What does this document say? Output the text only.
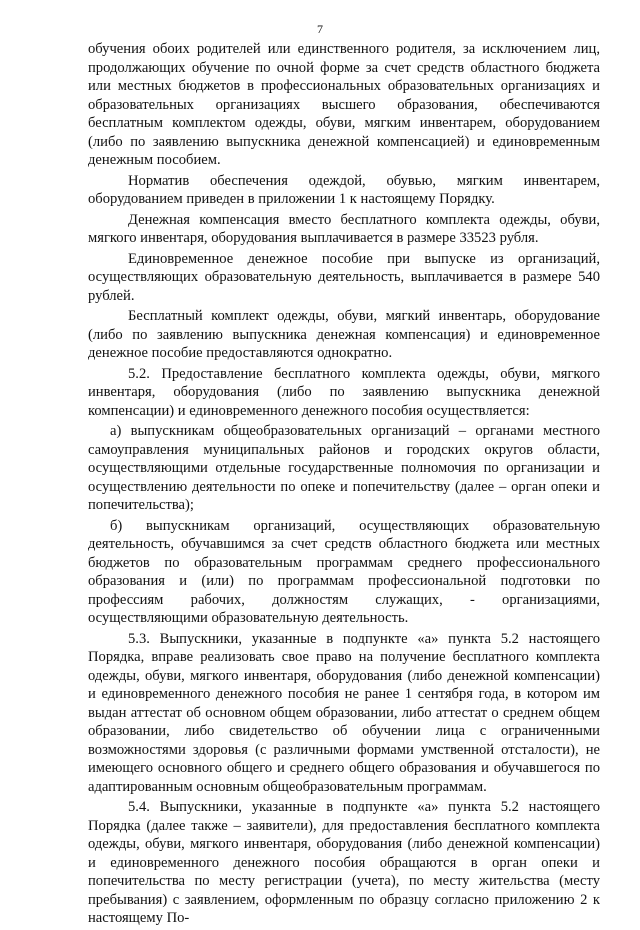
7

обучения обоих родителей или единственного родителя, за исключением лиц, продолжающих обучение по очной форме за счет средств областного бюджета или местных бюджетов в профессиональных образовательных организациях и образовательных организациях высшего образования, обеспечиваются бесплатным комплектом одежды, обуви, мягким инвентарем, оборудованием (либо по заявлению выпускника денежной компенсацией) и единовременным денежным пособием.

Норматив обеспечения одеждой, обувью, мягким инвентарем, оборудованием приведен в приложении 1 к настоящему Порядку.

Денежная компенсация вместо бесплатного комплекта одежды, обуви, мягкого инвентаря, оборудования выплачивается в размере 33523 рубля.

Единовременное денежное пособие при выпуске из организаций, осуществляющих образовательную деятельность, выплачивается в размере 540 рублей.

Бесплатный комплект одежды, обуви, мягкий инвентарь, оборудование (либо по заявлению выпускника денежная компенсация) и единовременное денежное пособие предоставляются однократно.

5.2. Предоставление бесплатного комплекта одежды, обуви, мягкого инвентаря, оборудования (либо по заявлению выпускника денежной компенсации) и единовременного денежного пособия осуществляется:

а) выпускникам общеобразовательных организаций – органами местного самоуправления муниципальных районов и городских округов области, осуществляющими отдельные государственные полномочия по организации и осуществлению деятельности по опеке и попечительству (далее – орган опеки и попечительства);

б) выпускникам организаций, осуществляющих образовательную деятельность, обучавшимся за счет средств областного бюджета или местных бюджетов по образовательным программам среднего профессионального образования и (или) по программам профессиональной подготовки по профессиям рабочих, должностям служащих, - организациями, осуществляющими образовательную деятельность.

5.3. Выпускники, указанные в подпункте «а» пункта 5.2 настоящего Порядка, вправе реализовать свое право на получение бесплатного комплекта одежды, обуви, мягкого инвентаря, оборудования (либо денежной компенсации) и единовременного денежного пособия не ранее 1 сентября года, в котором им выдан аттестат об основном общем образовании, либо аттестат о среднем общем образовании, либо свидетельство об обучении лица с ограниченными возможностями здоровья (с различными формами умственной отсталости), не имеющего основного общего и среднего общего образования и обучавшегося по адаптированным основным общеобразовательным программам.

5.4. Выпускники, указанные в подпункте «а» пункта 5.2 настоящего Порядка (далее также – заявители), для предоставления бесплатного комплекта одежды, обуви, мягкого инвентаря, оборудования (либо денежной компенсации) и единовременного денежного пособия обращаются в орган опеки и попечительства по месту регистрации (учета), по месту жительства (месту пребывания) с заявлением, оформленным по образцу согласно приложению 2 к настоящему По-
